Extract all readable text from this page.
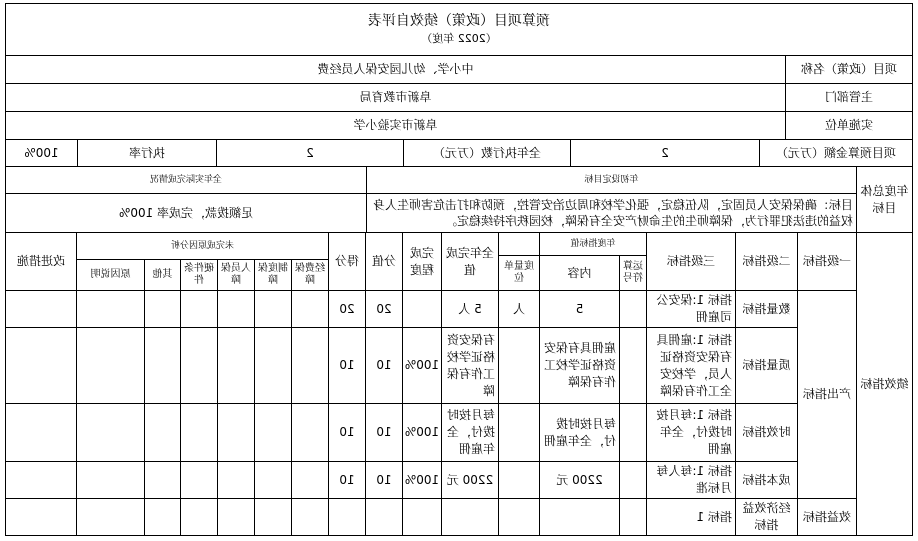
预算项目（政策）绩效自评表
（2022 年度）
项目（政策）名称
中小学、幼儿园安保人员经费
主管部门
阜新市教育局
实施单位
阜新市实验小学
项目预算金额（万元）
2
全年执行数（万元）
2
执行率
100%
年度总体目标
年初设定目标
目标：确保保安人员固定，队伍稳定，强化学校和周边治安管控，预防和打击危害师生人身权益的违法犯罪行为，保障师生的生命财产安全有保障，校园秩序持续稳定。
全年实际完成情况
足额拨款，完成率 100%
一级指标
二级指标
三级指标
年度指标值
运算符号
内容
度量单位
全年完成值
完成程度
分值
得分
未完成原因分析
经费保障
制度保障
人员保障
硬件条件
其他
原因说明
改进措施
绩效指标
产出指标
效益指标
数量指标
指标 1:保安公司雇佣
5
人
5 人
20
20
质量指标
指标 1:雇佣具有保安资格证人员，学校安全工作有保障
雇佣具有保安资格证学校工作有保障
有保安资格证学校工作有保障
100%
10
10
时效指标
指标 1:每月按时拨付，全年雇佣
每月按时拨付，全年雇佣
每月按时拨付，全年雇佣
100%
10
10
成本指标
指标 1:每人每月标准
2200 元
2200 元
100%
10
10
经济效益指标
指标 1
